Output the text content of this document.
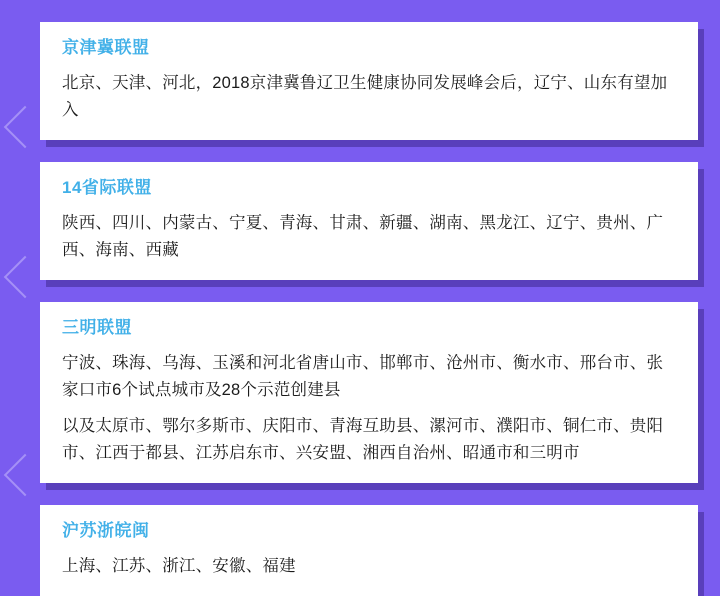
京津冀联盟

北京、天津、河北，2018京津冀鲁辽卫生健康协同发展峰会后，辽宁、山东有望加入

14省际联盟

陕西、四川、内蒙古、宁夏、青海、甘肃、新疆、湖南、黑龙江、辽宁、贵州、广西、海南、西藏

三明联盟

宁波、珠海、乌海、玉溪和河北省唐山市、邯郸市、沧州市、衡水市、邢台市、张家口市6个试点城市及28个示范创建县

以及太原市、鄂尔多斯市、庆阳市、青海互助县、漯河市、濮阳市、铜仁市、贵阳市、江西于都县、江苏启东市、兴安盟、湘西自治州、昭通市和三明市

沪苏浙皖闽

上海、江苏、浙江、安徽、福建
